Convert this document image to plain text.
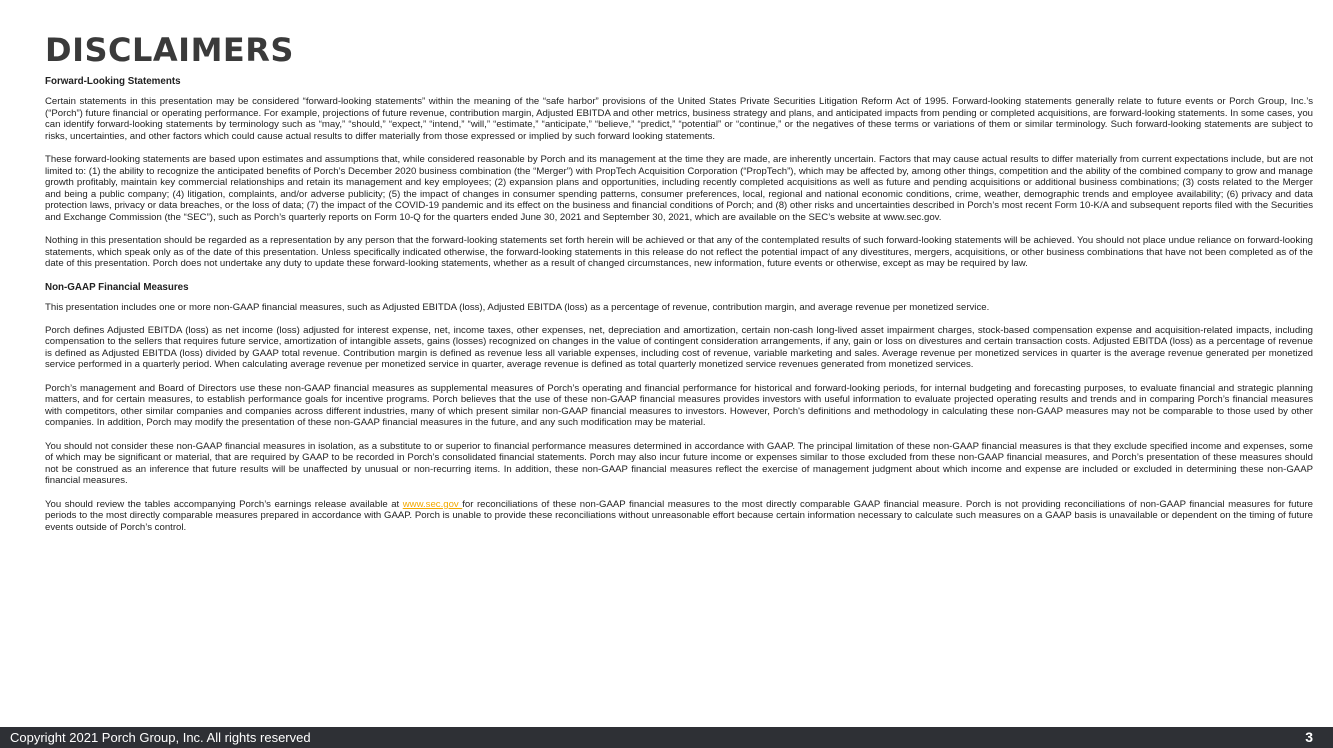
DISCLAIMERS
Forward-Looking Statements

Certain statements in this presentation may be considered “forward-looking statements” within the meaning of the “safe harbor” provisions of the United States Private Securities Litigation Reform Act of 1995. Forward-looking statements generally relate to future events or Porch Group, Inc.’s (“Porch”) future financial or operating performance. For example, projections of future revenue, contribution margin, Adjusted EBITDA and other metrics, business strategy and plans, and anticipated impacts from pending or completed acquisitions, are forward-looking statements. In some cases, you can identify forward-looking statements by terminology such as “may,” “should,” “expect,” “intend,” “will,” “estimate,” “anticipate,” “believe,” “predict,” “potential” or “continue,” or the negatives of these terms or variations of them or similar terminology. Such forward-looking statements are subject to risks, uncertainties, and other factors which could cause actual results to differ materially from those expressed or implied by such forward looking statements.

These forward-looking statements are based upon estimates and assumptions that, while considered reasonable by Porch and its management at the time they are made, are inherently uncertain. Factors that may cause actual results to differ materially from current expectations include, but are not limited to: (1) the ability to recognize the anticipated benefits of Porch’s December 2020 business combination (the “Merger”) with PropTech Acquisition Corporation (“PropTech”), which may be affected by, among other things, competition and the ability of the combined company to grow and manage growth profitably, maintain key commercial relationships and retain its management and key employees; (2) expansion plans and opportunities, including recently completed acquisitions as well as future and pending acquisitions or additional business combinations; (3) costs related to the Merger and being a public company; (4) litigation, complaints, and/or adverse publicity; (5) the impact of changes in consumer spending patterns, consumer preferences, local, regional and national economic conditions, crime, weather, demographic trends and employee availability; (6) privacy and data protection laws, privacy or data breaches, or the loss of data; (7) the impact of the COVID-19 pandemic and its effect on the business and financial conditions of Porch; and (8) other risks and uncertainties described in Porch’s most recent Form 10-K/A and subsequent reports filed with the Securities and Exchange Commission (the “SEC”), such as Porch’s quarterly reports on Form 10-Q for the quarters ended June 30, 2021 and September 30, 2021, which are available on the SEC’s website at www.sec.gov.

Nothing in this presentation should be regarded as a representation by any person that the forward-looking statements set forth herein will be achieved or that any of the contemplated results of such forward-looking statements will be achieved. You should not place undue reliance on forward-looking statements, which speak only as of the date of this presentation. Unless specifically indicated otherwise, the forward-looking statements in this release do not reflect the potential impact of any divestitures, mergers, acquisitions, or other business combinations that have not been completed as of the date of this presentation. Porch does not undertake any duty to update these forward-looking statements, whether as a result of changed circumstances, new information, future events or otherwise, except as may be required by law.

Non-GAAP Financial Measures

This presentation includes one or more non-GAAP financial measures, such as Adjusted EBITDA (loss), Adjusted EBITDA (loss) as a percentage of revenue, contribution margin, and average revenue per monetized service.

Porch defines Adjusted EBITDA (loss) as net income (loss) adjusted for interest expense, net, income taxes, other expenses, net, depreciation and amortization, certain non-cash long-lived asset impairment charges, stock-based compensation expense and acquisition-related impacts, including compensation to the sellers that requires future service, amortization of intangible assets, gains (losses) recognized on changes in the value of contingent consideration arrangements, if any, gain or loss on divestures and certain transaction costs. Adjusted EBITDA (loss) as a percentage of revenue is defined as Adjusted EBITDA (loss) divided by GAAP total revenue. Contribution margin is defined as revenue less all variable expenses, including cost of revenue, variable marketing and sales. Average revenue per monetized services in quarter is the average revenue generated per monetized service performed in a quarterly period. When calculating average revenue per monetized service in quarter, average revenue is defined as total quarterly monetized service revenues generated from monetized services.

Porch’s management and Board of Directors use these non-GAAP financial measures as supplemental measures of Porch’s operating and financial performance for historical and forward-looking periods, for internal budgeting and forecasting purposes, to evaluate financial and strategic planning matters, and for certain measures, to establish performance goals for incentive programs. Porch believes that the use of these non-GAAP financial measures provides investors with useful information to evaluate projected operating results and trends and in comparing Porch’s financial measures with competitors, other similar companies and companies across different industries, many of which present similar non-GAAP financial measures to investors. However, Porch's definitions and methodology in calculating these non-GAAP measures may not be comparable to those used by other companies. In addition, Porch may modify the presentation of these non-GAAP financial measures in the future, and any such modification may be material.

You should not consider these non-GAAP financial measures in isolation, as a substitute to or superior to financial performance measures determined in accordance with GAAP. The principal limitation of these non-GAAP financial measures is that they exclude specified income and expenses, some of which may be significant or material, that are required by GAAP to be recorded in Porch’s consolidated financial statements. Porch may also incur future income or expenses similar to those excluded from these non-GAAP financial measures, and Porch’s presentation of these measures should not be construed as an inference that future results will be unaffected by unusual or non-recurring items. In addition, these non-GAAP financial measures reflect the exercise of management judgment about which income and expense are included or excluded in determining these non-GAAP financial measures.

You should review the tables accompanying Porch’s earnings release available at www.sec.gov for reconciliations of these non-GAAP financial measures to the most directly comparable GAAP financial measure. Porch is not providing reconciliations of non-GAAP financial measures for future periods to the most directly comparable measures prepared in accordance with GAAP. Porch is unable to provide these reconciliations without unreasonable effort because certain information necessary to calculate such measures on a GAAP basis is unavailable or dependent on the timing of future events outside of Porch’s control.

Copyright 2021 Porch Group, Inc. All rights reserved	3
